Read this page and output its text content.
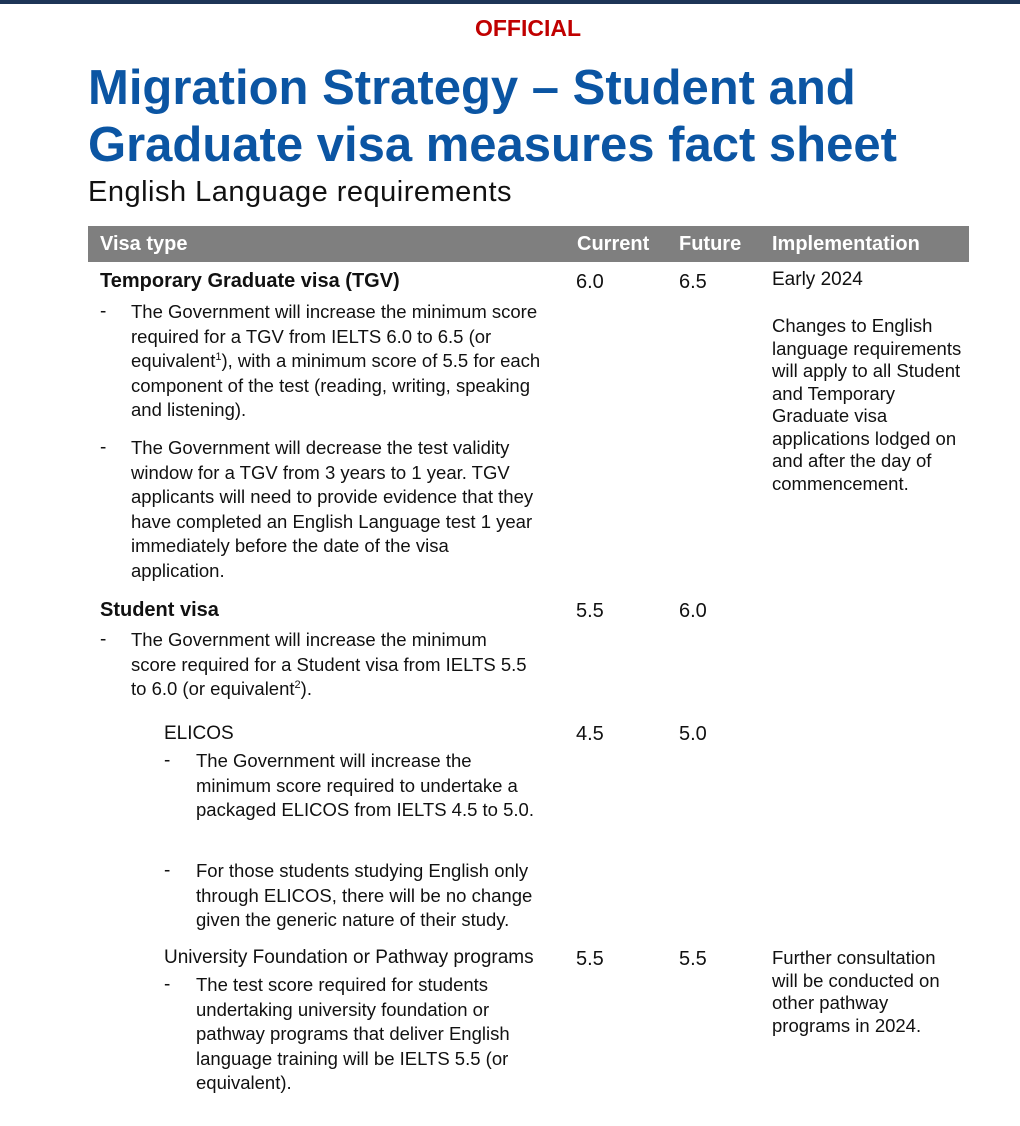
OFFICIAL
Migration Strategy – Student and Graduate visa measures fact sheet
English Language requirements
Visa type	Current Future Implementation
Temporary Graduate visa (TGV)	6.0	6.5	Early 2024
- The Government will increase the minimum score required for a TGV from IELTS 6.0 to 6.5 (or equivalent$^1$), with a minimum score of 5.5 for each component of the test (reading, writing, speaking and listening).
- The Government will decrease the test validity window for a TGV from 3 years to 1 year. TGV applicants will need to provide evidence that they have completed an English Language test 1 year immediately before the date of the visa application.
Changes to English language requirements will apply to all Student and Temporary Graduate visa applications lodged on and after the day of commencement.
Student visa	5.5	6.0
- The Government will increase the minimum score required for a Student visa from IELTS 5.5 to 6.0 (or equivalent$^2$).
ELICOS	4.5	5.0
- The Government will increase the minimum score required to undertake a packaged ELICOS from IELTS 4.5 to 5.0.
- For those students studying English only through ELICOS, there will be no change given the generic nature of their study.
University Foundation or Pathway programs 5.5	5.5
- The test score required for students undertaking university foundation or pathway programs that deliver English language training will be IELTS 5.5 (or equivalent).
Further consultation will be conducted on other pathway programs in 2024.
